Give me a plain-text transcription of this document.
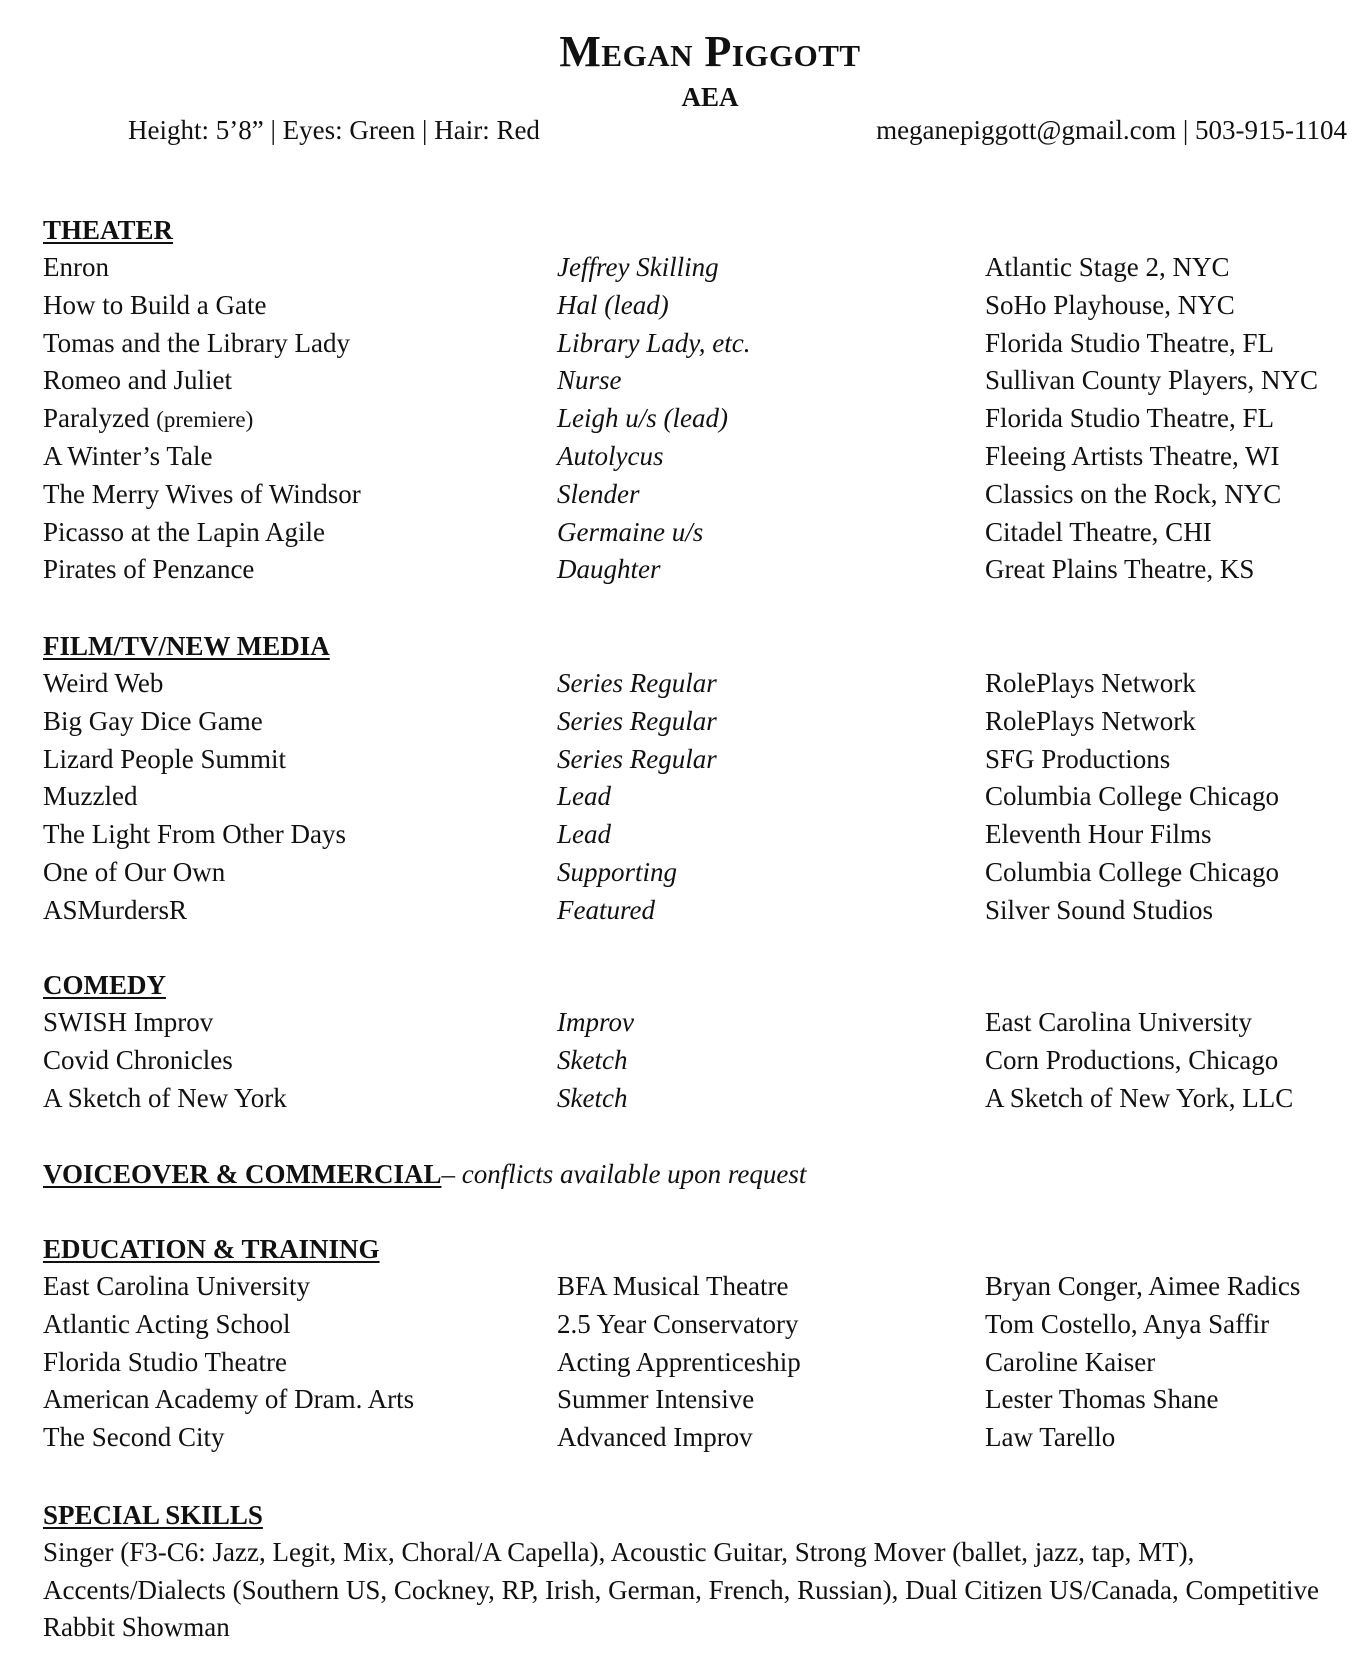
Megan Piggott
AEA
Height: 5’8” | Eyes: Green | Hair: Red	meganepiggott@gmail.com | 503-915-1104
THEATER
Enron	Jeffrey Skilling	Atlantic Stage 2, NYC
How to Build a Gate	Hal (lead)	SoHo Playhouse, NYC
Tomas and the Library Lady	Library Lady, etc.	Florida Studio Theatre, FL
Romeo and Juliet	Nurse	Sullivan County Players, NYC
Paralyzed (premiere)	Leigh u/s (lead)	Florida Studio Theatre, FL
A Winter’s Tale	Autolycus	Fleeing Artists Theatre, WI
The Merry Wives of Windsor	Slender	Classics on the Rock, NYC
Picasso at the Lapin Agile	Germaine u/s	Citadel Theatre, CHI
Pirates of Penzance	Daughter	Great Plains Theatre, KS
FILM/TV/NEW MEDIA
Weird Web	Series Regular	RolePlays Network
Big Gay Dice Game	Series Regular	RolePlays Network
Lizard People Summit	Series Regular	SFG Productions
Muzzled	Lead	Columbia College Chicago
The Light From Other Days	Lead	Eleventh Hour Films
One of Our Own	Supporting	Columbia College Chicago
ASMurdersR	Featured	Silver Sound Studios
COMEDY
SWISH Improv	Improv	East Carolina University
Covid Chronicles	Sketch	Corn Productions, Chicago
A Sketch of New York	Sketch	A Sketch of New York, LLC
VOICEOVER & COMMERCIAL– conflicts available upon request
EDUCATION & TRAINING
East Carolina University	BFA Musical Theatre	Bryan Conger, Aimee Radics
Atlantic Acting School	2.5 Year Conservatory	Tom Costello, Anya Saffir
Florida Studio Theatre	Acting Apprenticeship	Caroline Kaiser
American Academy of Dram. Arts	Summer Intensive	Lester Thomas Shane
The Second City	Advanced Improv	Law Tarello
SPECIAL SKILLS
Singer (F3-C6: Jazz, Legit, Mix, Choral/A Capella), Acoustic Guitar, Strong Mover (ballet, jazz, tap, MT), Accents/Dialects (Southern US, Cockney, RP, Irish, German, French, Russian), Dual Citizen US/Canada, Competitive Rabbit Showman
